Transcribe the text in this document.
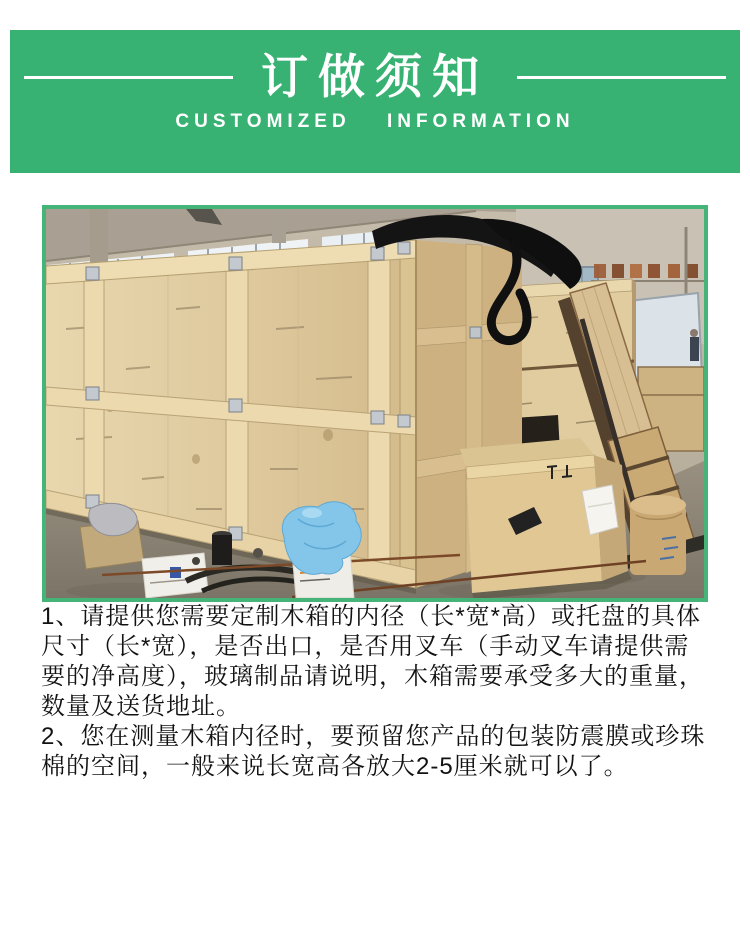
订做须知
CUSTOMIZED INFORMATION

1、请提供您需要定制木箱的内径（长*宽*高）或托盘的具体尺寸（长*宽），是否出口，是否用叉车（手动叉车请提供需要的净高度），玻璃制品请说明，木箱需要承受多大的重量，数量及送货地址。

2、您在测量木箱内径时，要预留您产品的包装防震膜或珍珠棉的空间，一般来说长宽高各放大2-5厘米就可以了。
